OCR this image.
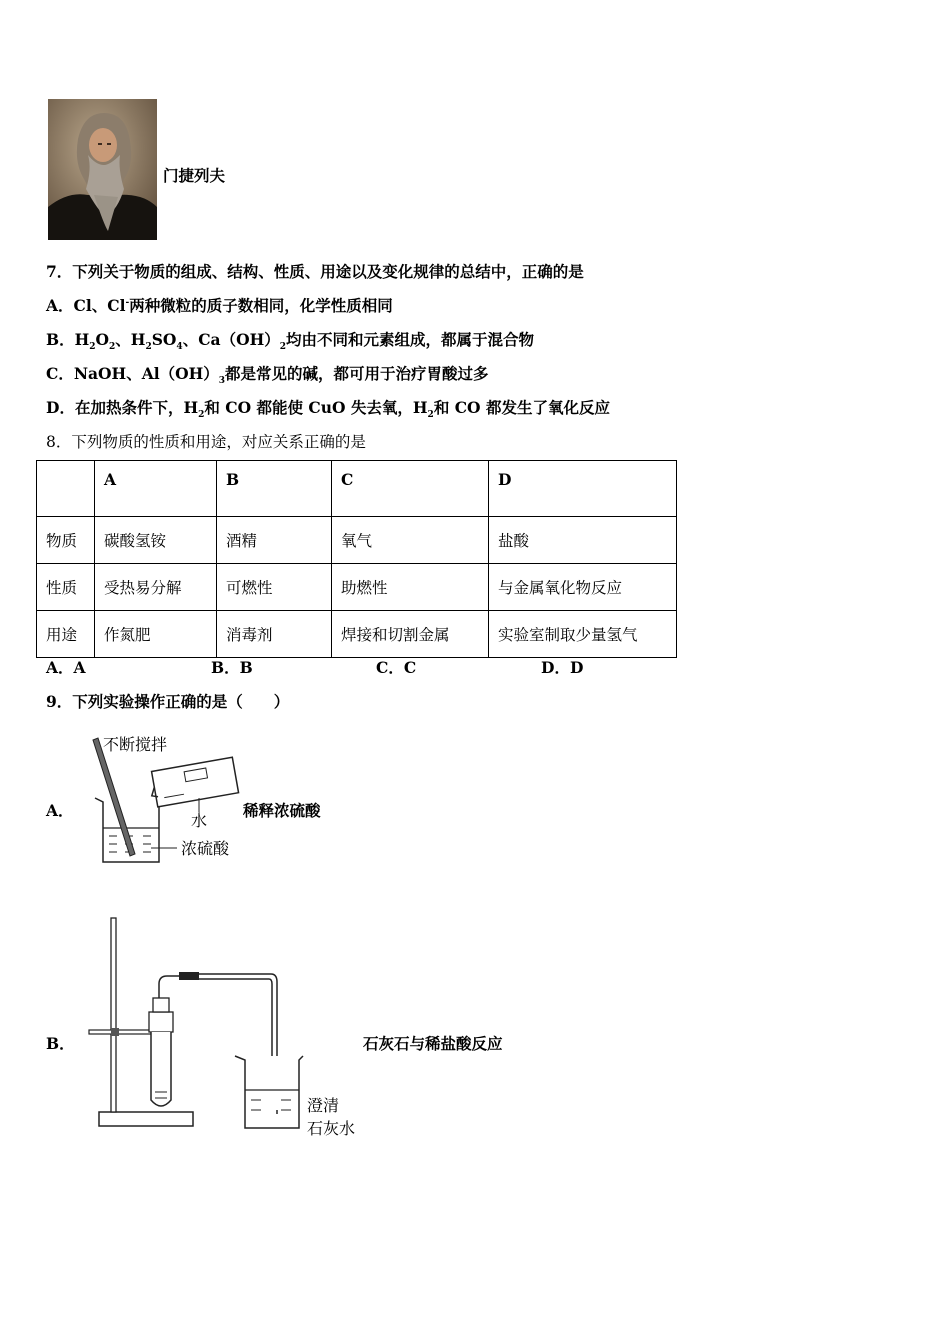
门捷列夫
7．下列关于物质的组成、结构、性质、用途以及变化规律的总结中，正确的是
A．Cl、Cl-两种微粒的质子数相同，化学性质相同
B．$H_2O_2$、$H_2SO_4$、$Ca(OH)_2$均由不同和元素组成，都属于混合物
C．NaOH、$Al(OH)_3$都是常见的碱，都可用于治疗胃酸过多
D．在加热条件下，$H_2$和 CO 都能使 CuO 失去氧，$H_2$和 CO 都发生了氧化反应
8．下列物质的性质和用途，对应关系正确的是
	A	B	C	D
物质	碳酸氢铵	酒精	氧气	盐酸
性质	受热易分解	可燃性	助燃性	与金属氧化物反应
用途	作氮肥	消毒剂	焊接和切割金属	实验室制取少量氢气
A．A	B．B	C．C	D．D
9．下列实验操作正确的是（　　）
A．
不断搅拌
水
浓硫酸
稀释浓硫酸
B．
澄清
石灰水
石灰石与稀盐酸反应
